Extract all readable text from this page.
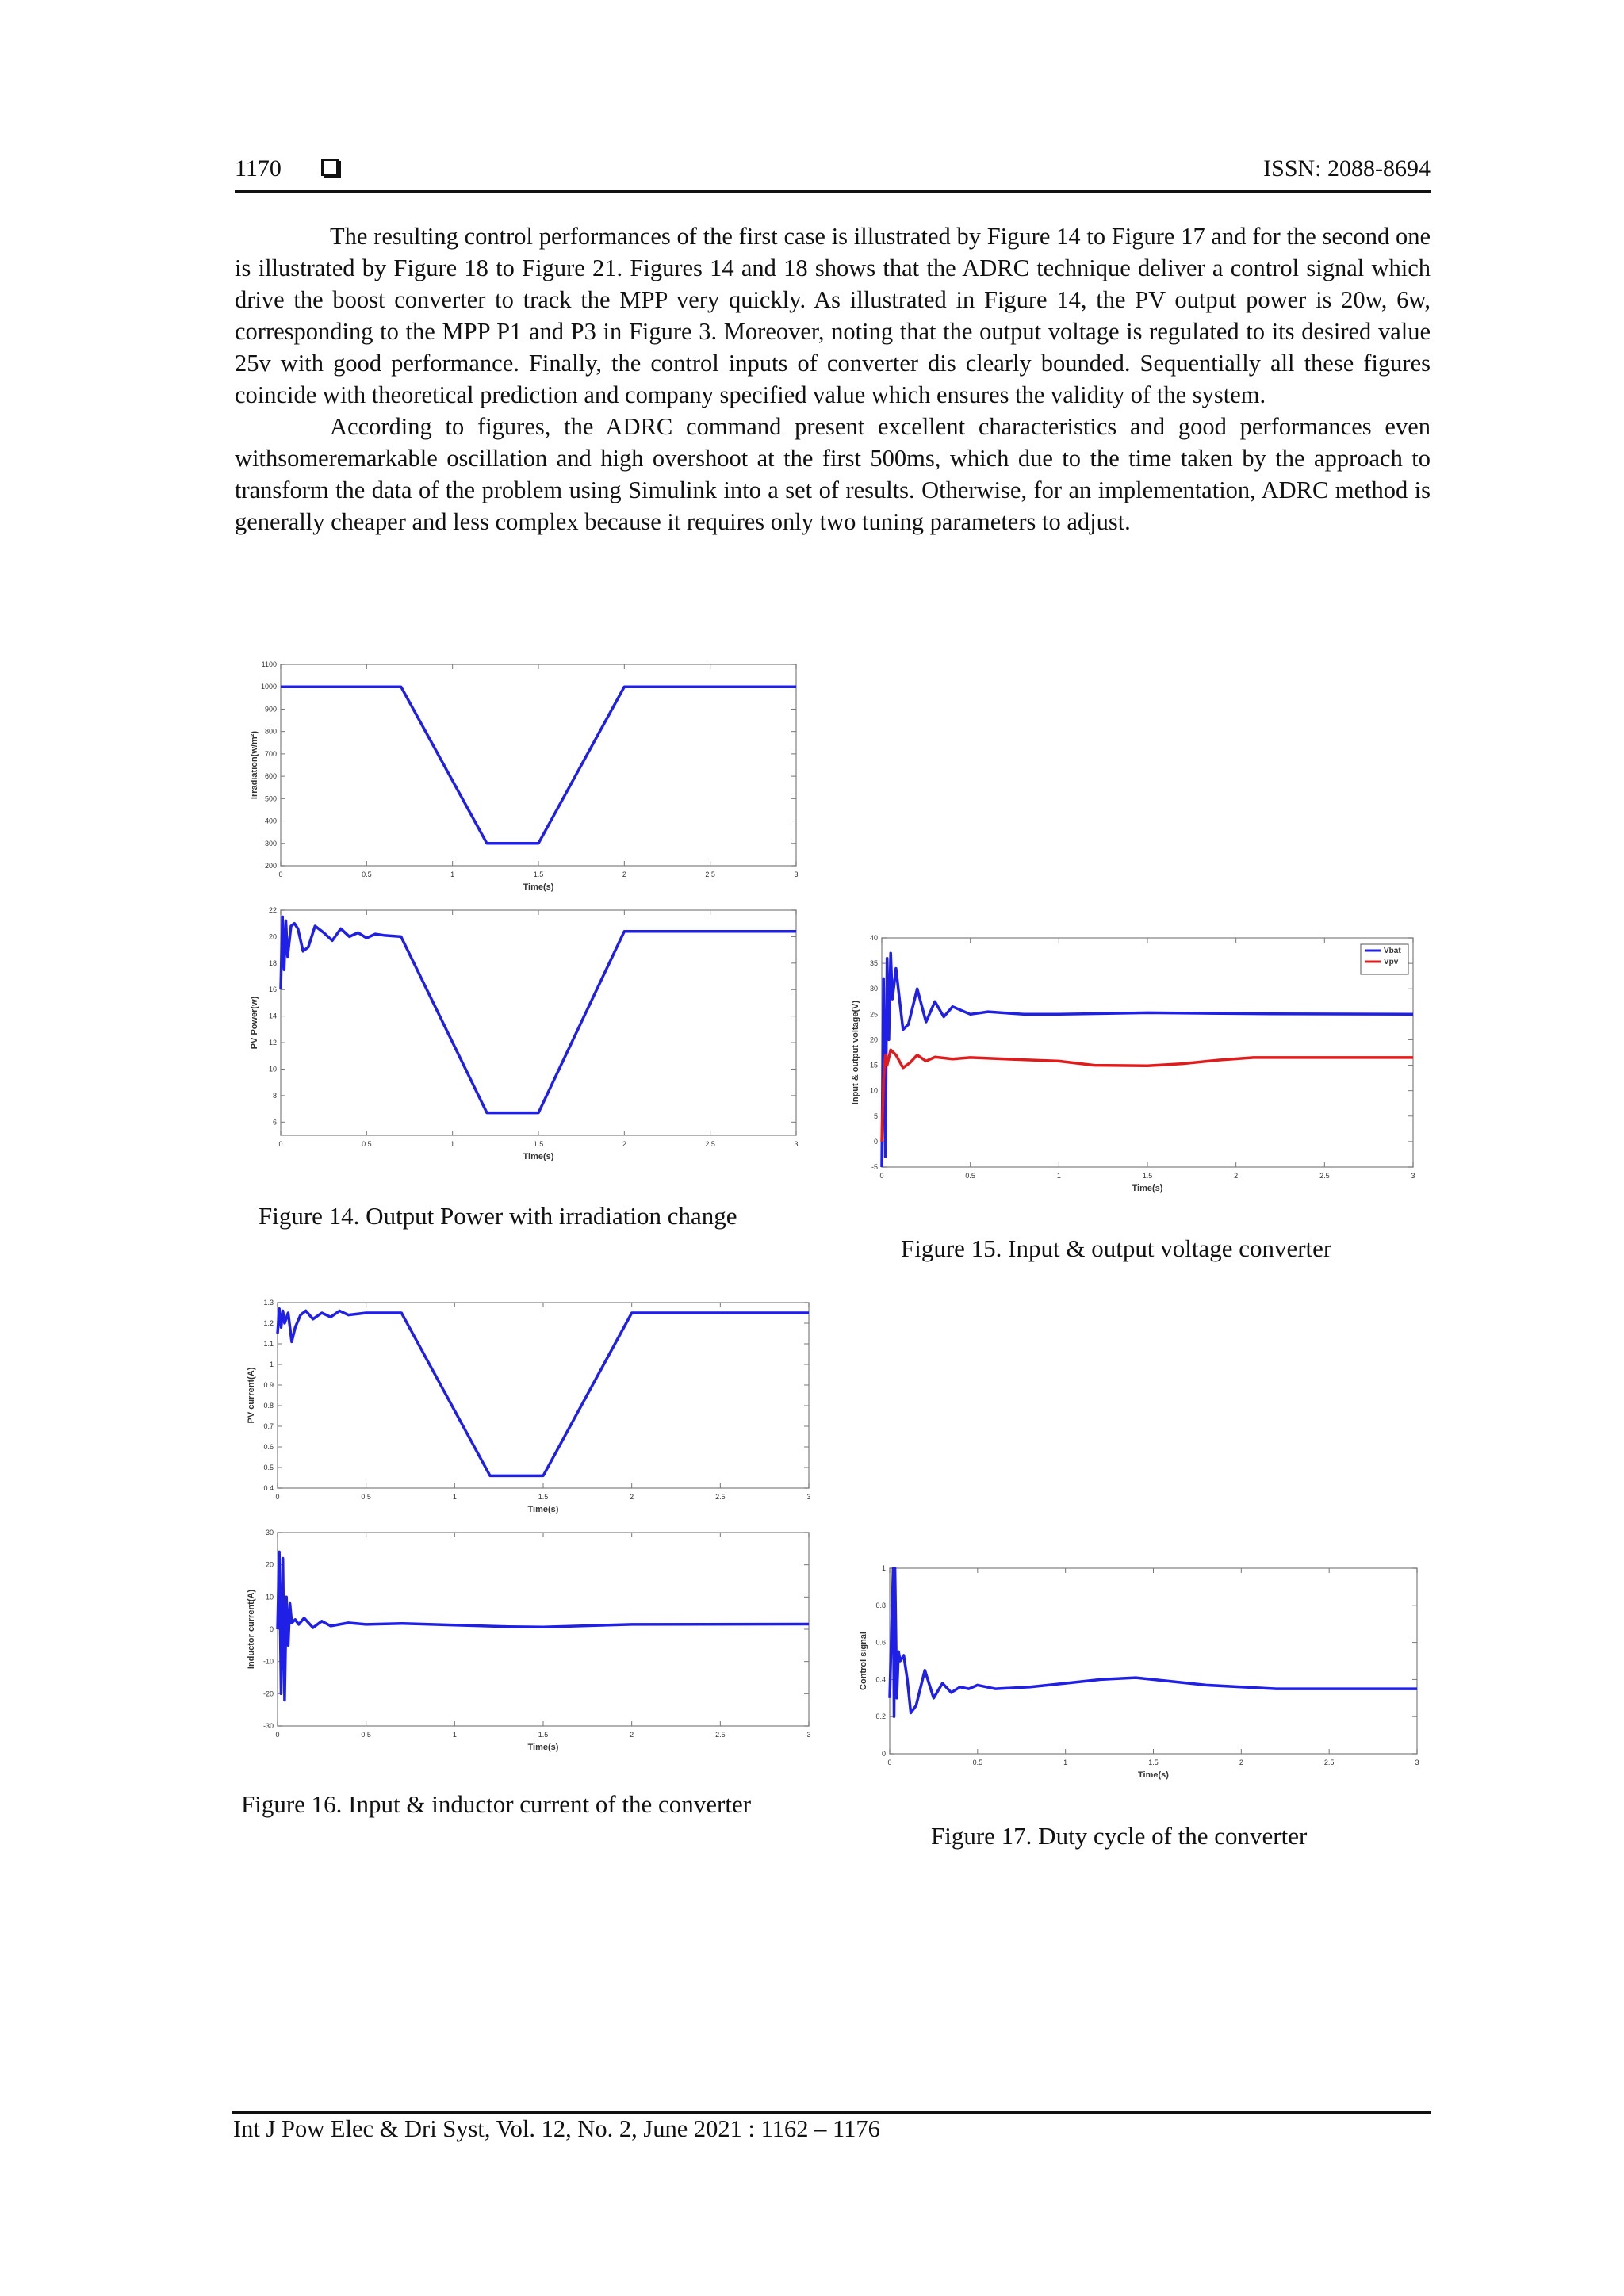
1170	ISSN: 2088-8694

The resulting control performances of the first case is illustrated by Figure 14 to Figure 17 and for the second one is illustrated by Figure 18 to Figure 21. Figures 14 and 18 shows that the ADRC technique deliver a control signal which drive the boost converter to track the MPP very quickly. As illustrated in Figure 14, the PV output power is 20w, 6w, corresponding to the MPP P1 and P3 in Figure 3. Moreover, noting that the output voltage is regulated to its desired value 25v with good performance. Finally, the control inputs of converter dis clearly bounded. Sequentially all these figures coincide with theoretical prediction and company specified value which ensures the validity of the system.

According to figures, the ADRC command present excellent characteristics and good performances even withsomeremarkable oscillation and high overshoot at the first 500ms, which due to the time taken by the approach to transform the data of the problem using Simulink into a set of results. Otherwise, for an implementation, ADRC method is generally cheaper and less complex because it requires only two tuning parameters to adjust.

0	0.5	1	1.5	2	2.5	3
200
300
400
500
600
700
800
900
1000
1100
Time(s)
Irradiation(w/m²)
0	0.5	1	1.5	2	2.5	3
6
8
10
12
14
16
18
20
22
Time(s)
PV Power(w)
Figure 14. Output Power with irradiation change
0	0.5	1	1.5	2	2.5	3
-5
0
5
10
15
20
25
30
35
40
Time(s)
Input & output voltage(V)
Vbat
Vpv
Figure 15. Input & output voltage converter
0	0.5	1	1.5	2	2.5	3
0.4
0.5
0.6
0.7
0.8
0.9
1
1.1
1.2
1.3
Time(s)
PV current(A)
0	0.5	1	1.5	2	2.5	3
-30
-20
-10
0
10
20
30
Time(s)
Inductor current(A)
Figure 16. Input & inductor current of the converter
0	0.5	1	1.5	2	2.5	3
0
0.2
0.4
0.6
0.8
1
Time(s)
Control signal
Figure 17. Duty cycle of the converter
Int J Pow Elec & Dri Syst, Vol. 12, No. 2, June 2021 : 1162 – 1176
